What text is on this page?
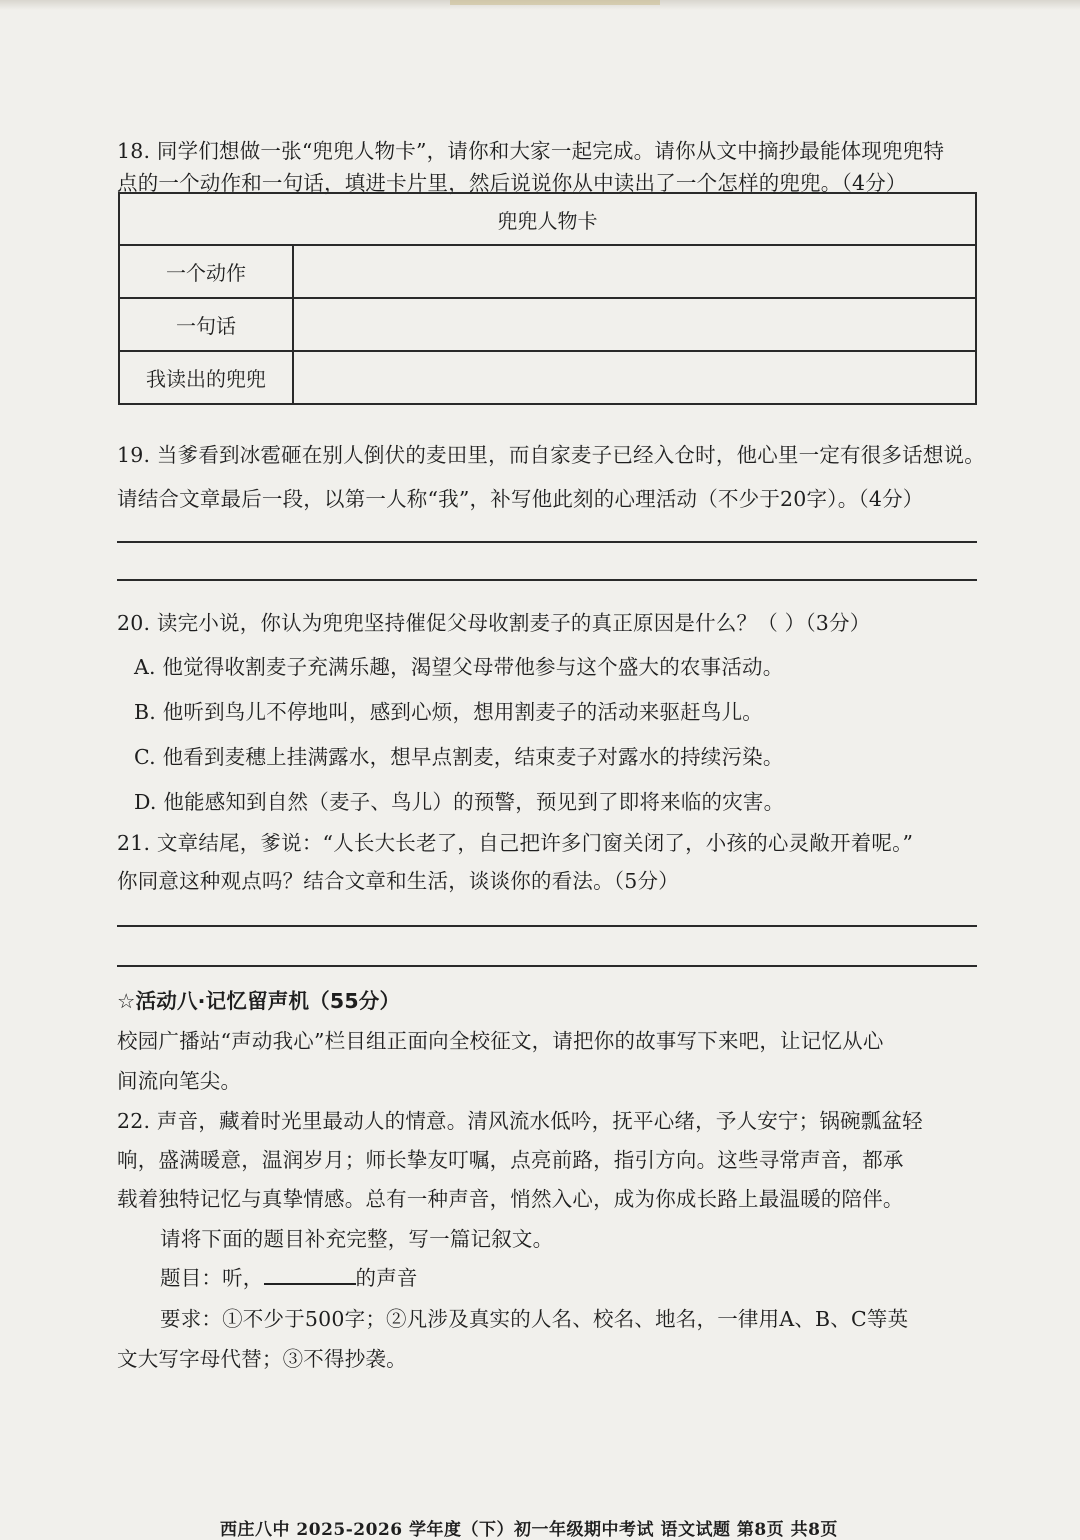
18. 同学们想做一张“兜兜人物卡”，请你和大家一起完成。请你从文中摘抄最能体现兜兜特
点的一个动作和一句话，填进卡片里，然后说说你从中读出了一个怎样的兜兜。（4分）
兜兜人物卡	
一个动作	
一句话	
我读出的兜兜	
19. 当爹看到冰雹砸在别人倒伏的麦田里，而自家麦子已经入仓时，他心里一定有很多话想说。
请结合文章最后一段，以第一人称“我”，补写他此刻的心理活动（不少于20字）。（4分）
20. 读完小说，你认为兜兜坚持催促父母收割麦子的真正原因是什么？（ ）（3分）
A. 他觉得收割麦子充满乐趣，渴望父母带他参与这个盛大的农事活动。
B. 他听到鸟儿不停地叫，感到心烦，想用割麦子的活动来驱赶鸟儿。
C. 他看到麦穗上挂满露水，想早点割麦，结束麦子对露水的持续污染。
D. 他能感知到自然（麦子、鸟儿）的预警，预见到了即将来临的灾害。
21. 文章结尾，爹说：“人长大长老了，自己把许多门窗关闭了，小孩的心灵敞开着呢。”
你同意这种观点吗？结合文章和生活，谈谈你的看法。（5分）
☆活动八·记忆留声机（55分）
校园广播站“声动我心”栏目组正面向全校征文，请把你的故事写下来吧，让记忆从心
间流向笔尖。
22. 声音，藏着时光里最动人的情意。清风流水低吟，抚平心绪，予人安宁；锅碗瓢盆轻
响，盛满暖意，温润岁月；师长挚友叮嘱，点亮前路，指引方向。这些寻常声音，都承
载着独特记忆与真挚情感。总有一种声音，悄然入心，成为你成长路上最温暖的陪伴。
请将下面的题目补充完整，写一篇记叙文。
题目：听，	的声音
要求：①不少于500字；②凡涉及真实的人名、校名、地名，一律用A、B、C等英
文大写字母代替；③不得抄袭。
西庄八中 2025-2026 学年度（下）初一年级期中考试 语文试题 第8页 共8页
